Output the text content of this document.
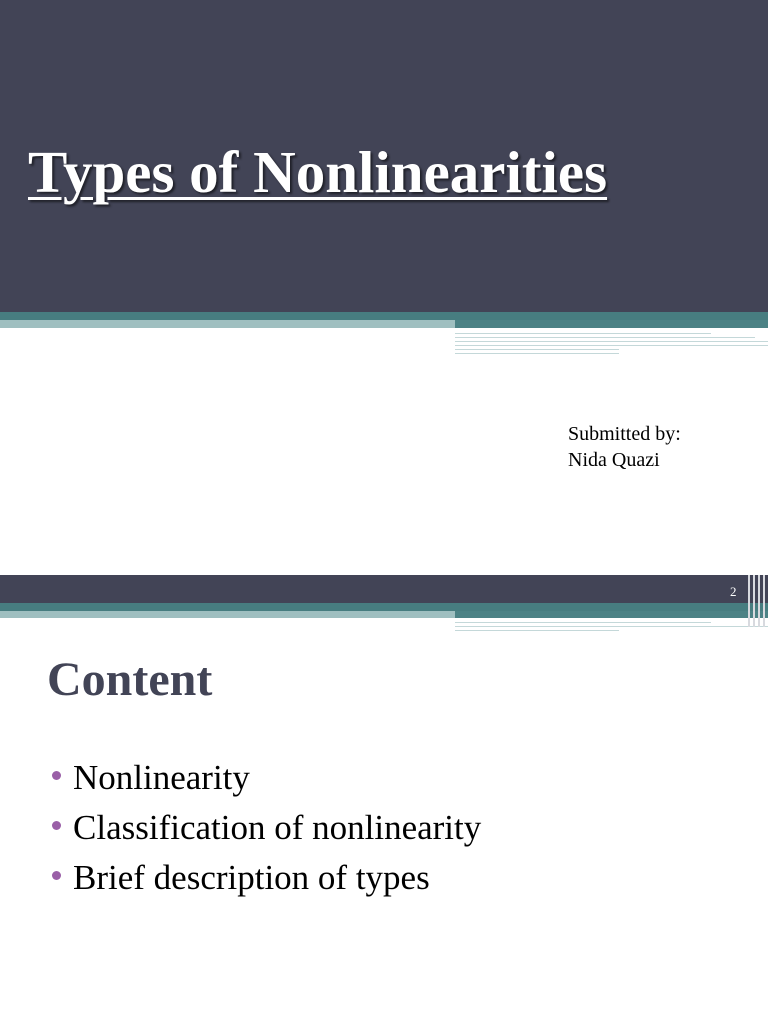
Types of Nonlinearities
Submitted by:
Nida Quazi
2
Content
Nonlinearity
Classification of nonlinearity
Brief description of types
